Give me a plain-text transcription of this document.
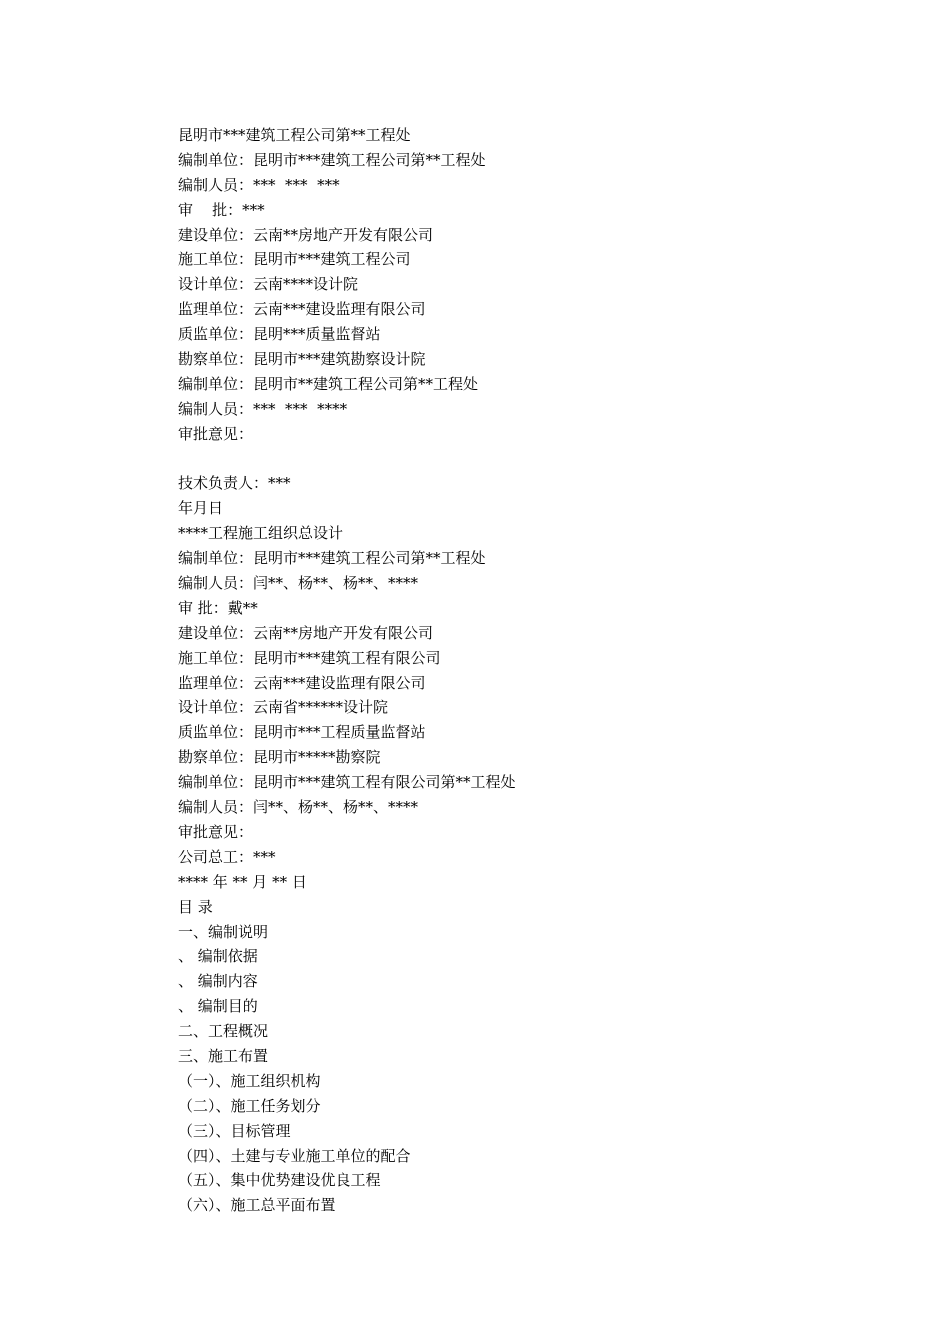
昆明市***建筑工程公司第**工程处
编制单位：昆明市***建筑工程公司第**工程处
编制人员：***  ***  ***
审    批：***
建设单位：云南**房地产开发有限公司
施工单位：昆明市***建筑工程公司
设计单位：云南****设计院
监理单位：云南***建设监理有限公司
质监单位：昆明***质量监督站
勘察单位：昆明市***建筑勘察设计院
编制单位：昆明市**建筑工程公司第**工程处
编制人员：***  ***  ****
审批意见：
技术负责人：***
年月日
****工程施工组织总设计
编制单位：昆明市***建筑工程公司第**工程处
编制人员：闫**、杨**、杨**、****
审 批：戴**
建设单位：云南**房地产开发有限公司
施工单位：昆明市***建筑工程有限公司
监理单位：云南***建设监理有限公司
设计单位：云南省******设计院
质监单位：昆明市***工程质量监督站
勘察单位：昆明市*****勘察院
编制单位：昆明市***建筑工程有限公司第**工程处
编制人员：闫**、杨**、杨**、****
审批意见：
公司总工：***
**** 年 ** 月 ** 日
目 录
一、编制说明
、 编制依据
、 编制内容
、 编制目的
二、工程概况
三、施工布置
（一）、施工组织机构
（二）、施工任务划分
（三）、目标管理
（四）、土建与专业施工单位的配合
（五）、集中优势建设优良工程
（六）、施工总平面布置
